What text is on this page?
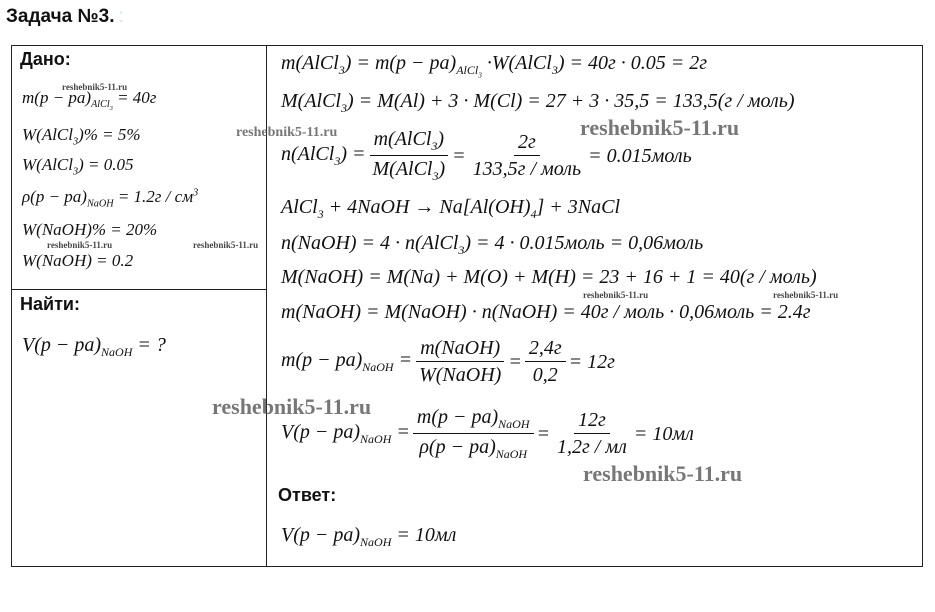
Задача №3. :
Дано:
$m(p - pa)_{AlCl_3} = 40г$
W(AlCl$_3$)% = 5%
W(AlCl$_3$) = 0.05
$\rho(p - pa)_{NaOH} = 1.2г / см^3$
W(NaOH)% = 20%
W(NaOH) = 0.2
Найти:
$V(p - pa)_{NaOH}$ = ?
m(AlCl$_3$) = $m(p - pa)_{AlCl_3}$ ·W(AlCl$_3$) = 40г · 0.05 = 2г
M(AlCl$_3$) = M(Al) + 3 · M(Cl) = 27 + 3 · 35,5 = 133,5(г / моль)
n(AlCl$_3$) = $\frac{m(AlCl_3)}{M(AlCl_3)} = \frac{2г}{\text{133,5г / моль}}$ = 0.015моль
AlCl$_3$ + 4NaOH → $Na[Al(OH)_4]$ + 3NaCl
n(NaOH) = 4 · n(AlCl$_3$) = 4 · 0.015моль = 0,06моль
M(NaOH) = M(Na) + M(O) + M(H) = 23 + 16 + 1 = 40(г / моль)
m(NaOH) = M(NaOH) · n(NaOH) = 40г / моль · 0,06моль = 2.4г
$m(p - pa)_{NaOH} = \frac{\text{m(NaOH)}}{\text{W(NaOH)}} = \frac{2,4г}{0,2} = 12г$
$V(p - pa)_{NaOH} = \frac{m(p - pa)_{NaOH}}{\rho(p - pa)_{NaOH}} = \frac{12г}{1,2г / мл} = 10мл$
Ответ:
$V(p - pa)_{NaOH} = 10мл$
reshebnik5-11.ru
reshebnik5-11.ru	reshebnik5-11.ru
reshebnik5-11.ru	reshebnik5-11.ru
reshebnik5-11.ru	reshebnik5-11.ru
reshebnik5-11.ru
reshebnik5-11.ru
